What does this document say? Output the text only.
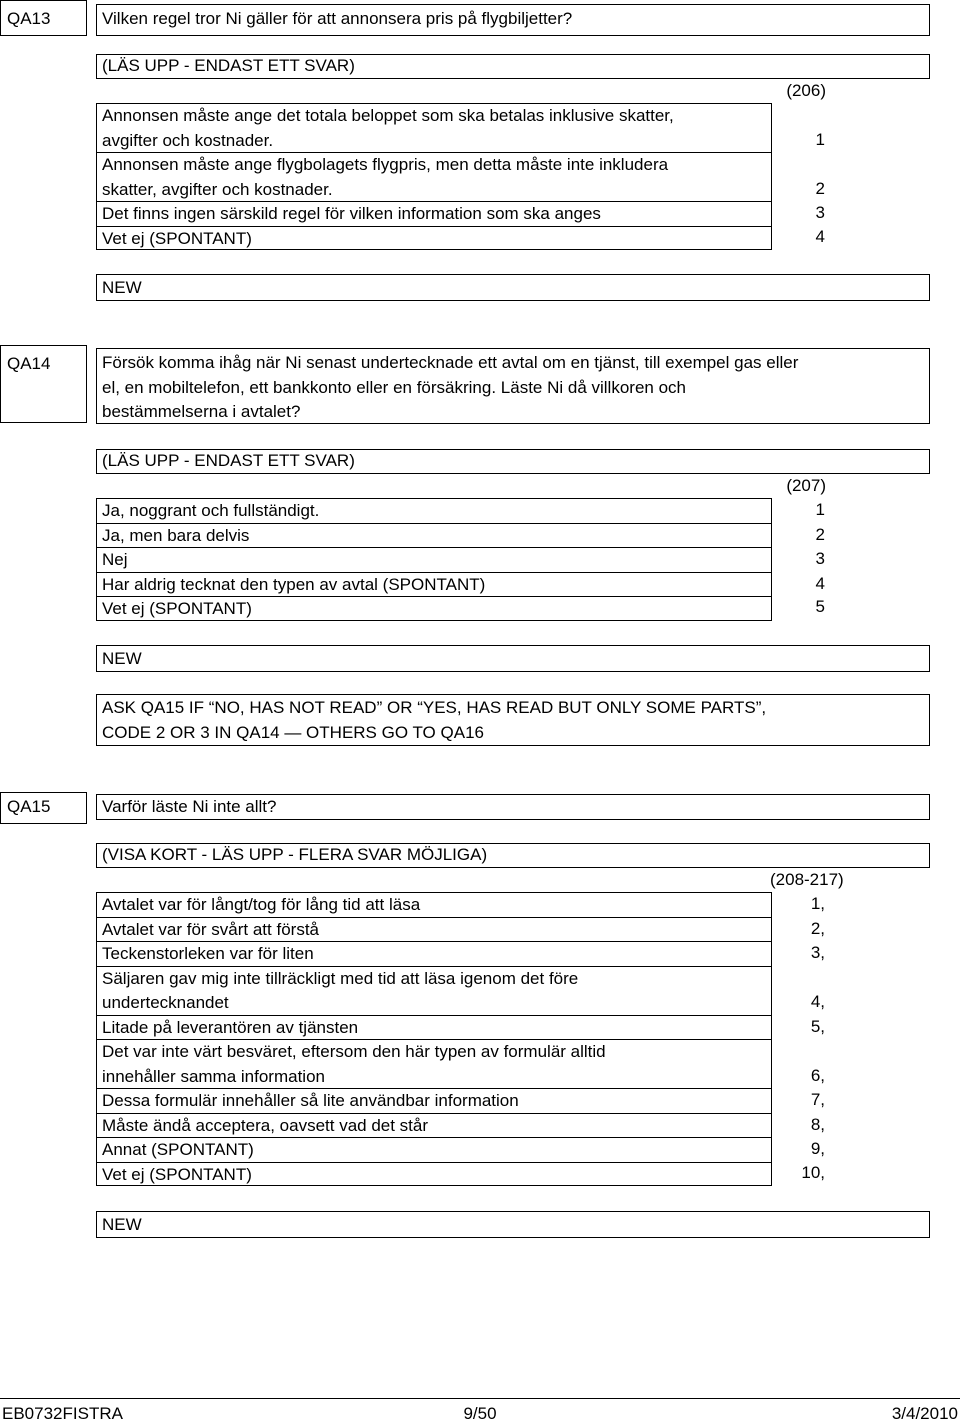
QA13	Vilken regel tror Ni gäller för att annonsera pris på flygbiljetter?
(LÄS UPP - ENDAST ETT SVAR)
(206)
Annonsen måste ange det totala beloppet som ska betalas inklusive skatter,
avgifter och kostnader.	1
Annonsen måste ange flygbolagets flygpris, men detta måste inte inkludera
skatter, avgifter och kostnader.	2
Det finns ingen särskild regel för vilken information som ska anges	3
Vet ej (SPONTANT)	4
NEW
QA14	Försök komma ihåg när Ni senast undertecknade ett avtal om en tjänst, till exempel gas eller
el, en mobiltelefon, ett bankkonto eller en försäkring. Läste Ni då villkoren och
bestämmelserna i avtalet?
(LÄS UPP - ENDAST ETT SVAR)
(207)
Ja, noggrant och fullständigt.	1
Ja, men bara delvis	2
Nej	3
Har aldrig tecknat den typen av avtal (SPONTANT)	4
Vet ej (SPONTANT)	5
NEW
ASK QA15 IF “NO, HAS NOT READ” OR “YES, HAS READ BUT ONLY SOME PARTS”,
CODE 2 OR 3 IN QA14 — OTHERS GO TO QA16
QA15	Varför läste Ni inte allt?
(VISA KORT - LÄS UPP - FLERA SVAR MÖJLIGA)
(208-217)
Avtalet var för långt/tog för lång tid att läsa	1,
Avtalet var för svårt att förstå	2,
Teckenstorleken var för liten	3,
Säljaren gav mig inte tillräckligt med tid att läsa igenom det före
undertecknandet	4,
Litade på leverantören av tjänsten	5,
Det var inte värt besväret, eftersom den här typen av formulär alltid
innehåller samma information	6,
Dessa formulär innehåller så lite användbar information	7,
Måste ändå acceptera, oavsett vad det står	8,
Annat (SPONTANT)	9,
Vet ej (SPONTANT)	10,
NEW
EB0732FISTRA	9/50	3/4/2010
